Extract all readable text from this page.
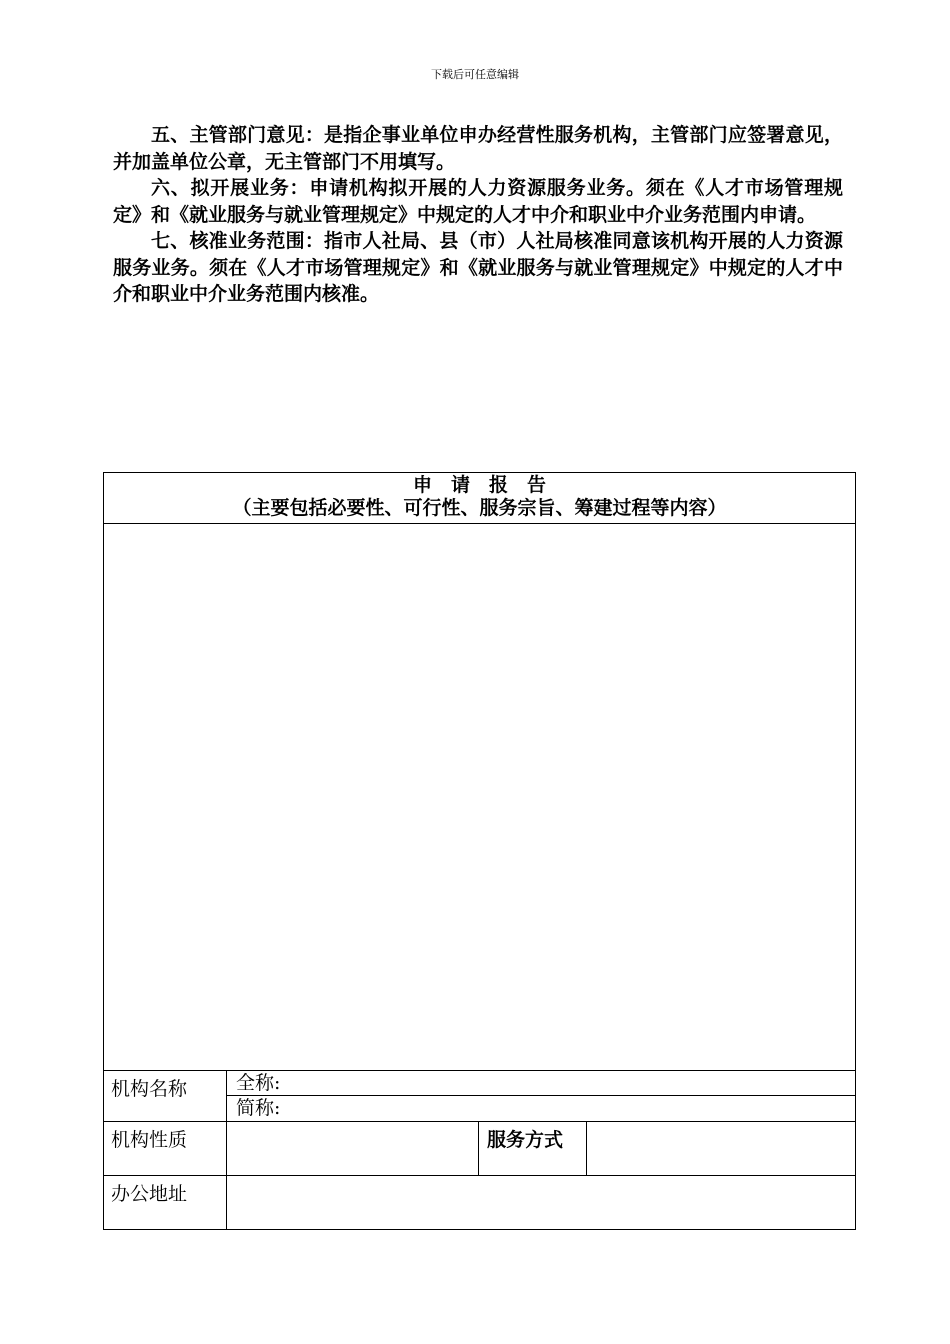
下载后可任意编辑

五、主管部门意见：是指企事业单位申办经营性服务机构，主管部门应签署意见，并加盖单位公章，无主管部门不用填写。

六、拟开展业务：申请机构拟开展的人力资源服务业务。须在《人才市场管理规定》和《就业服务与就业管理规定》中规定的人才中介和职业中介业务范围内申请。

七、核准业务范围：指市人社局、县（市）人社局核准同意该机构开展的人力资源服务业务。须在《人才市场管理规定》和《就业服务与就业管理规定》中规定的人才中介和职业中介业务范围内核准。

申　请　报　告
（主要包括必要性、可行性、服务宗旨、筹建过程等内容）			

机构名称	全称:		
	简称:		
机构性质		服务方式	
办公地址			
